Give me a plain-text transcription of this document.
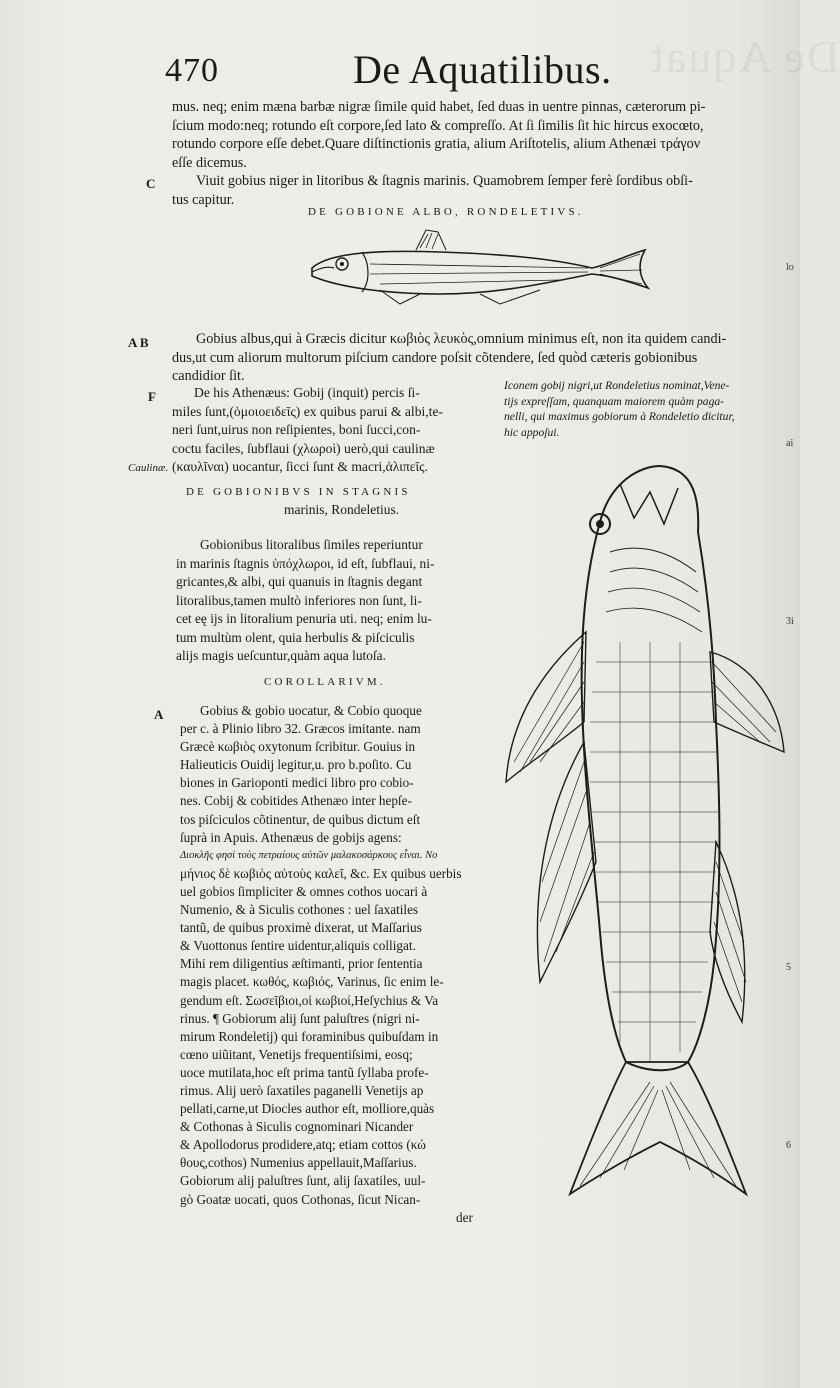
De Aquat
470	De Aquatilibus.
mus. neq; enim mæna barbæ nigræ ſimile quid habet, ſed duas in uentre pinnas, cæterorum pi-
ſcium modo:neq; rotundo eſt corpore,ſed lato & compreſſo. At ſi ſimilis ſit hic hircus exocœto,
rotundo corpore eſſe debet.Quare diſtinctionis gratia, alium Ariſtotelis, alium Athenæi τράγον
eſſe dicemus.
C	Viuit gobius niger in litoribus & ſtagnis marinis. Quamobrem ſemper ferè ſordibus obſi-
tus capitur.
DE GOBIONE ALBO, RONDELETIVS.
A B	Gobius albus,qui à Græcis dicitur κωβιὸς λευκὸς,omnium minimus eſt, non ita quidem candi-
dus,ut cum aliorum multorum piſcium candore poſsit cõtendere, ſed quòd cæteris gobionibus
candidior ſit.
F	De his Athenæus: Gobij (inquit) percis ſi-
miles ſunt,(ὁμοιοειδεῖς) ex quibus parui & albi,te-
neri ſunt,uirus non reſipientes, boni ſucci,con-
coctu faciles, ſubflaui (χλωροὶ) uerò,qui caulinæ
(καυλῖναι) uocantur, ſicci ſunt & macri,ἀλιπεῖς.
Caulinæ.
Iconem gobij nigri,ut Rondeletius nominat,Vene-
tijs expreſſam, quanquam maiorem quàm paga-
nelli, qui maximus gobiorum à Rondeletio dicitur,
hic appoſui.
DE GOBIONIBVS IN STAGNIS
marinis, Rondeletius.
Gobionibus litoralibus ſimiles reperiuntur
in marinis ſtagnis ὑπόχλωροι, id eſt, ſubflaui, ni-
gricantes,& albi, qui quanuis in ſtagnis degant
litoralibus,tamen multò inferiores non ſunt, li-
cet eę ijs in litoralium penuria uti. neq; enim lu-
tum multùm olent, quia herbulis & piſciculis
alijs magis ueſcuntur,quàm aqua lutoſa.
COROLLARIVM.
A	Gobius & gobio uocatur, & Cobio quoque
per c. à Plinio libro 32. Græcos imitante. nam
Græcè κωβιὸς oxytonum ſcribitur. Gouius in
Halieuticis Ouidij legitur,u. pro b.poſito. Cu
biones in Garioponti medici libro pro cobio-
nes. Cobij & cobitides Athenæo inter hepſe-
tos piſciculos cõtinentur, de quibus dictum eſt
ſuprà in Apuis. Athenæus de gobijs agens:
Διοκλῆς φησὶ τοὺς πετραίους αὐτῶν μαλακοσάρκους εἶναι. Νο
μήνιος δὲ κωβιὸς αὐτοὺς καλεῖ, &c. Ex quibus uerbis
uel gobios ſimpliciter & omnes cothos uocari à
Numenio, & à Siculis cothones : uel ſaxatiles
tantũ, de quibus proximè dixerat, ut Maſſarius
& Vuottonus ſentire uidentur,aliquis colligat.
Mihi rem diligentius æſtimanti, prior ſententia
magis placet. κωθός, κωβιός, Varinus, ſic enim le-
gendum eſt. Σωσεῖβιοι,οἱ κωβιοί,Heſychius & Va
rinus. ¶ Gobiorum alij ſunt paluſtres (nigri ni-
mirum Rondeletij) qui foraminibus quibuſdam in
cœno uiũitant, Venetijs frequentiſsimi, eosq;
uoce mutilata,hoc eſt prima tantũ ſyllaba profe-
rimus. Alij uerò ſaxatiles paganelli Venetijs ap
pellati,carne,ut Diocles author eſt, molliore,quàs
& Cothonas à Siculis cognominari Nicander
& Apollodorus prodidere,atq; etiam cottos (κώ
θους,cothos) Numenius appellauit,Maſſarius.
Gobiorum alij paluſtres ſunt, alij ſaxatiles, uul-
gò Goatæ uocati, quos Cothonas, ſicut Nican-
der
lo
ai
3i
5
6
